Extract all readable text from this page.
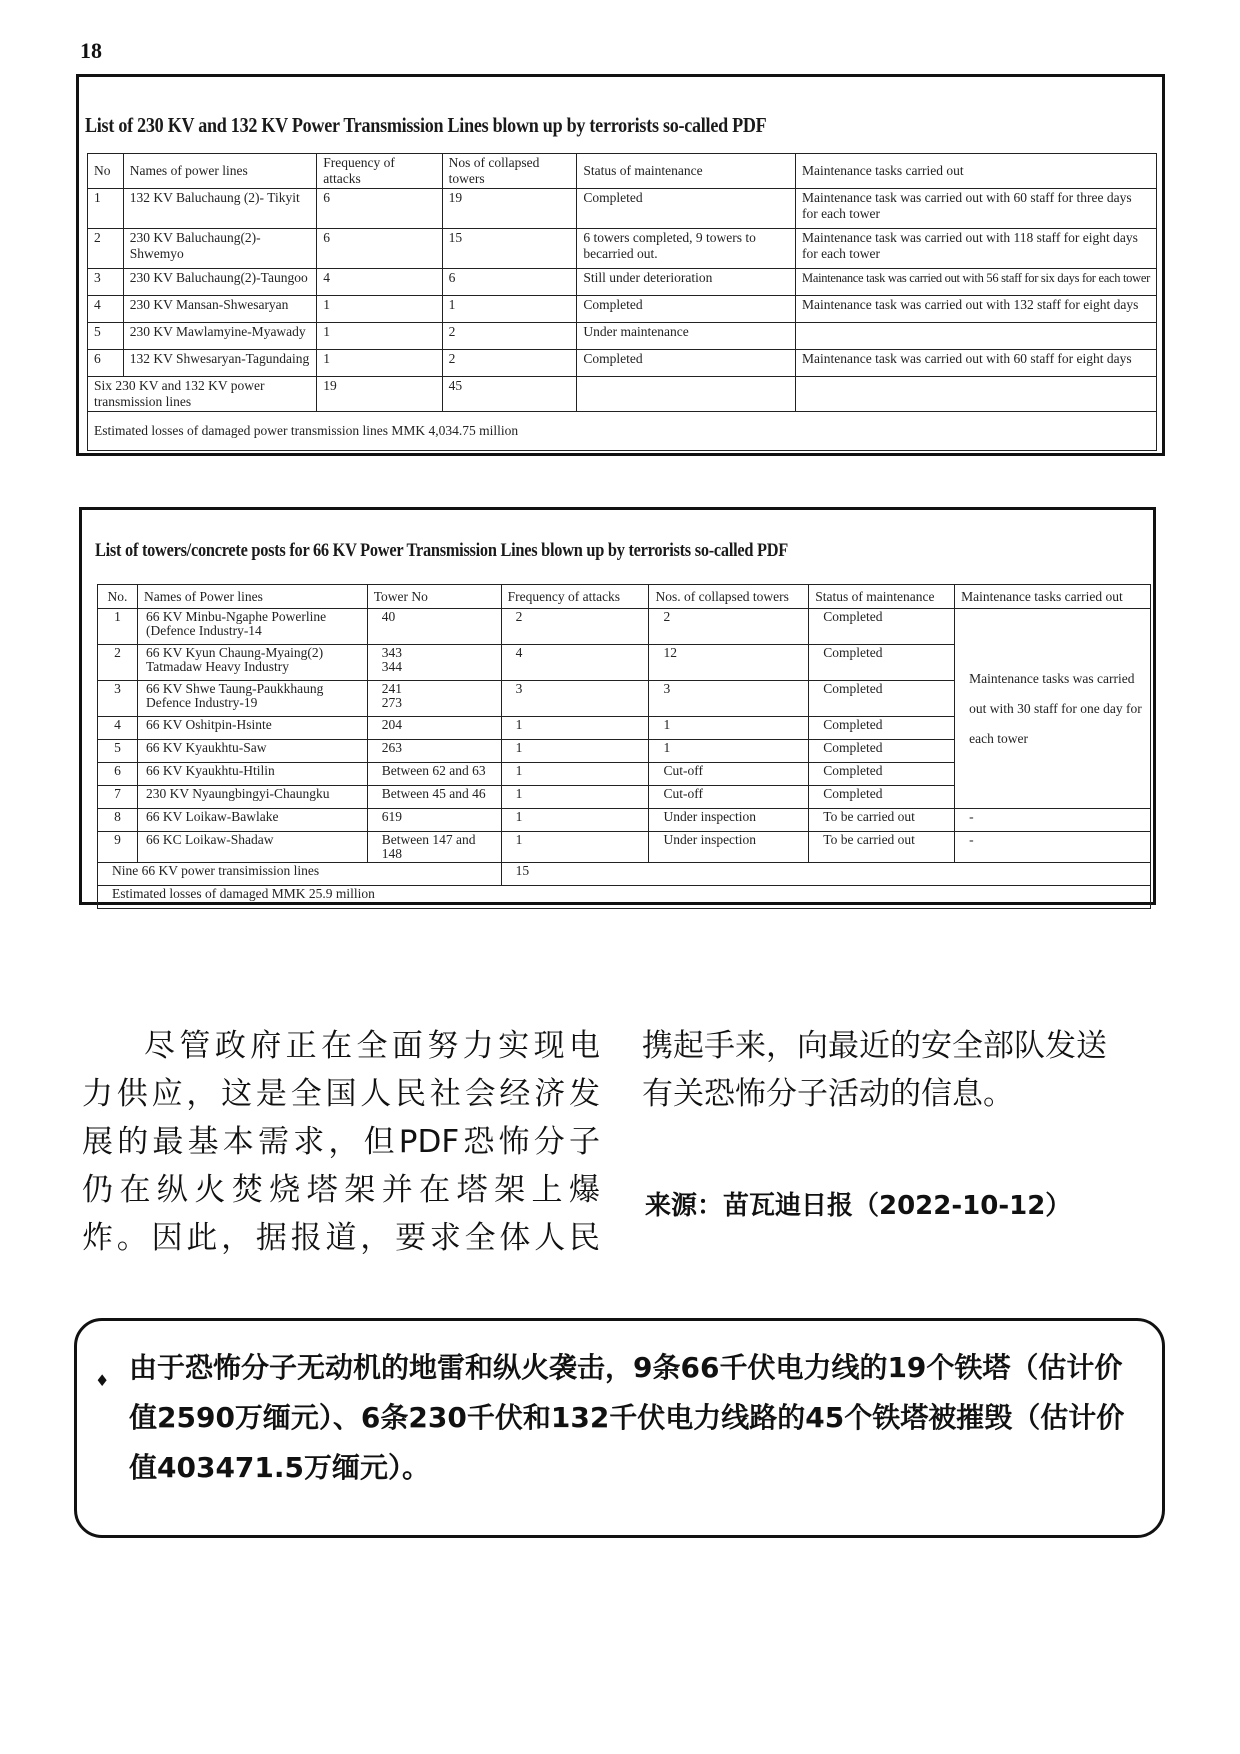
18
List of 230 KV and 132 KV Power Transmission Lines blown up by terrorists so-called PDF
No	Names of power lines	Frequency of attacks	Nos of collapsed towers	Status of maintenance	Maintenance tasks carried out
1	132 KV Baluchaung (2)- Tikyit	6	19	Completed	Maintenance task was carried out with 60 staff for three days for each tower
2	230 KV Baluchaung(2)-Shwemyo	6	15	6 towers completed, 9 towers to becarried out.	Maintenance task was carried out with 118 staff for eight days for each tower
3	230 KV Baluchaung(2)-Taungoo	4	6	Still under deterioration	Maintenance task was carried out with 56 staff for six days for each tower
4	230 KV Mansan-Shwesaryan	1	1	Completed	Maintenance task was carried out with 132 staff for eight days
5	230 KV Mawlamyine-Myawady	1	2	Under maintenance	
6	132 KV Shwesaryan-Tagundaing	1	2	Completed	Maintenance task was carried out with 60 staff for eight days
Six 230 KV and 132 KV power transmission lines		19	45		
Estimated losses of damaged power transmission lines MMK 4,034.75 million					
List of towers/concrete posts for 66 KV Power Transmission Lines blown up by terrorists so-called PDF
No.	Names of Power lines	Tower No	Frequency of attacks	Nos. of collapsed towers	Status of maintenance	Maintenance tasks carried out
1	66 KV Minbu-Ngaphe Powerline (Defence Industry-14	40	2	2	Completed	Maintenance tasks was carried out with 30 staff for one day for each tower
2	66 KV Kyun Chaung-Myaing(2) Tatmadaw Heavy Industry	343
344	4	12	Completed	
3	66 KV Shwe Taung-Paukkhaung Defence Industry-19	241
273	3	3	Completed	
4	66 KV Oshitpin-Hsinte	204	1	1	Completed	
5	66 KV Kyaukhtu-Saw	263	1	1	Completed	
6	66 KV Kyaukhtu-Htilin	Between 62 and 63	1	Cut-off	Completed	
7	230 KV Nyaungbingyi-Chaungku	Between 45 and 46	1	Cut-off	Completed	
8	66 KV Loikaw-Bawlake	619	1	Under inspection	To be carried out	-
9	66 KC Loikaw-Shadaw	Between 147 and 148	1	Under inspection	To be carried out	-
Nine 66 KV power transimission lines			15			
Estimated losses of damaged MMK 25.9 million						
尽管政府正在全面努力实现电
力供应，这是全国人民社会经济发
展的最基本需求，但PDF恐怖分子
仍在纵火焚烧塔架并在塔架上爆
炸。因此，据报道，要求全体人民
携起手来，向最近的安全部队发送
有关恐怖分子活动的信息。
来源：苗瓦迪日报（2022-10-12）
♦ 由于恐怖分子无动机的地雷和纵火袭击，9条66千伏电力线的19个铁塔（估计价值2590万缅元）、6条230千伏和132千伏电力线路的45个铁塔被摧毁（估计价值403471.5万缅元）。
